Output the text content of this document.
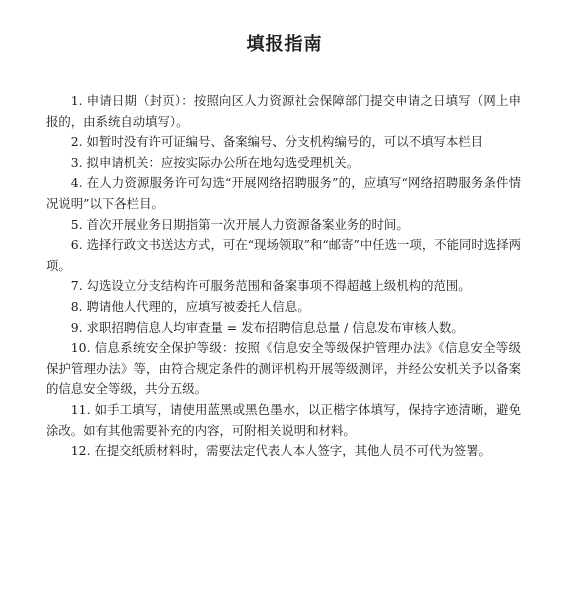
填报指南
1. 申请日期（封页）：按照向区人力资源社会保障部门提交申请之日填写（网上申报的，由系统自动填写）。
2. 如暂时没有许可证编号、备案编号、分支机构编号的，可以不填写本栏目
3. 拟申请机关：应按实际办公所在地勾选受理机关。
4. 在人力资源服务许可勾选“开展网络招聘服务”的，应填写“网络招聘服务条件情况说明”以下各栏目。
5. 首次开展业务日期指第一次开展人力资源备案业务的时间。
6. 选择行政文书送达方式，可在“现场领取”和“邮寄”中任选一项，不能同时选择两项。
7. 勾选设立分支结构许可服务范围和备案事项不得超越上级机构的范围。
8. 聘请他人代理的，应填写被委托人信息。
9. 求职招聘信息人均审查量 = 发布招聘信息总量 / 信息发布审核人数。
10. 信息系统安全保护等级：按照《信息安全等级保护管理办法》《信息安全等级保护管理办法》等，由符合规定条件的测评机构开展等级测评，并经公安机关予以备案的信息安全等级，共分五级。
11. 如手工填写，请使用蓝黑或黑色墨水，以正楷字体填写，保持字迹清晰，避免涂改。如有其他需要补充的内容，可附相关说明和材料。
12. 在提交纸质材料时，需要法定代表人本人签字，其他人员不可代为签署。
